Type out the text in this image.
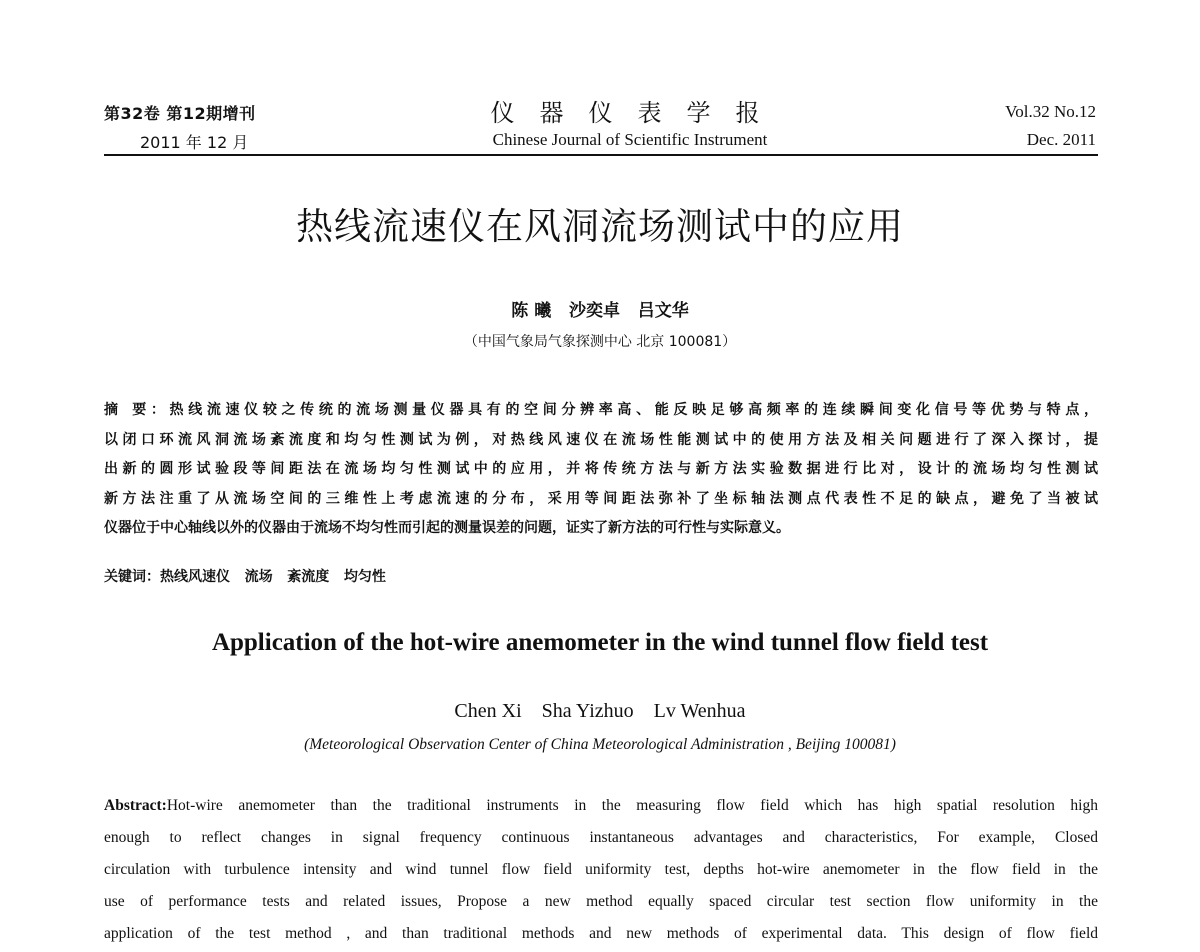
第32卷 第12期增刊
2011 年 12 月
仪器仪表学报
Chinese Journal of Scientific Instrument
Vol.32 No.12
Dec. 2011
热线流速仪在风洞流场测试中的应用
陈 曦   沙奕卓   吕文华
（中国气象局气象探测中心 北京 100081）
摘 要：热线流速仪较之传统的流场测量仪器具有的空间分辨率高、能反映足够高频率的连续瞬间变化信号等优势与特点，
以闭口环流风洞流场紊流度和均匀性测试为例，对热线风速仪在流场性能测试中的使用方法及相关问题进行了深入探讨，提
出新的圆形试验段等间距法在流场均匀性测试中的应用，并将传统方法与新方法实验数据进行比对，设计的流场均匀性测试
新方法注重了从流场空间的三维性上考虑流速的分布，采用等间距法弥补了坐标轴法测点代表性不足的缺点，避免了当被试
仪器位于中心轴线以外的仪器由于流场不均匀性而引起的测量误差的问题，证实了新方法的可行性与实际意义。
关键词：热线风速仪   流场   紊流度   均匀性
Application of the hot-wire anemometer in the wind tunnel flow field test
Chen Xi    Sha Yizhuo    Lv Wenhua
(Meteorological Observation Center of China Meteorological Administration , Beijing 100081)
Abstract:Hot-wire anemometer than the traditional instruments in the measuring flow field which has high spatial resolution high
enough to reflect changes in signal frequency continuous instantaneous advantages and characteristics, For example, Closed
circulation with turbulence intensity and wind tunnel flow field uniformity test, depths hot-wire anemometer in the flow field in the
use of performance tests and related issues, Propose a new method equally spaced circular test section flow uniformity in the
application of the test method , and than traditional methods and new methods of experimental data. This design of flow field
